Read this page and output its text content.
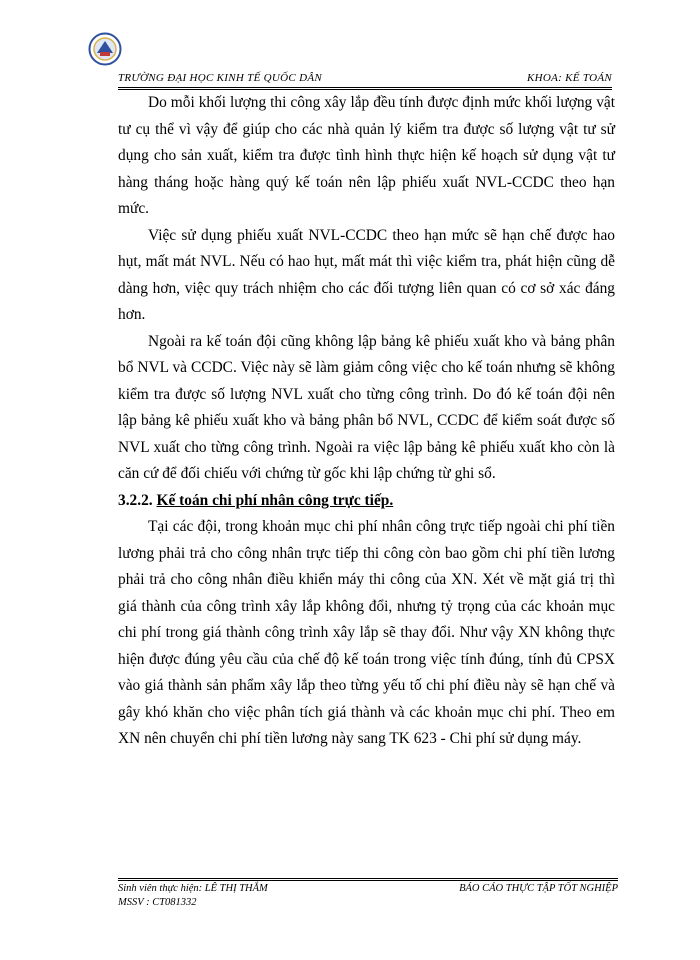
TRƯỜNG ĐẠI HỌC KINH TẾ QUỐC DÂN	KHOA: KẾ TOÁN

Do mỗi khối lượng thi công xây lắp đều tính được định mức khối lượng vật tư cụ thể vì vậy để giúp cho các nhà quản lý kiểm tra được số lượng vật tư sử dụng cho sản xuất, kiểm tra được tình hình thực hiện kế hoạch sử dụng vật tư hàng tháng hoặc hàng quý kế toán nên lập phiếu xuất NVL-CCDC theo hạn mức.

Việc sử dụng phiếu xuất NVL-CCDC theo hạn mức sẽ hạn chế được hao hụt, mất mát NVL. Nếu có hao hụt, mất mát thì việc kiểm tra, phát hiện cũng dễ dàng hơn, việc quy trách nhiệm cho các đối tượng liên quan có cơ sở xác đáng hơn.

Ngoài ra kế toán đội cũng không lập bảng kê phiếu xuất kho và bảng phân bổ NVL và CCDC. Việc này sẽ làm giảm công việc cho kế toán nhưng sẽ không kiểm tra được số lượng NVL xuất cho từng công trình. Do đó kế toán đội nên lập bảng kê phiếu xuất kho và bảng phân bổ NVL, CCDC để kiểm soát được số NVL xuất cho từng công trình. Ngoài ra việc lập bảng kê phiếu xuất kho còn là căn cứ để đối chiếu với chứng từ gốc khi lập chứng từ ghi sổ.

3.2.2. Kế toán chi phí nhân công trực tiếp.

Tại các đội, trong khoản mục chi phí nhân công trực tiếp ngoài chi phí tiền lương phải trả cho công nhân trực tiếp thi công còn bao gồm chi phí tiền lương phải trả cho công nhân điều khiển máy thi công của XN. Xét về mặt giá trị thì giá thành của công trình xây lắp không đổi, nhưng tỷ trọng của các khoản mục chi phí trong giá thành công trình xây lắp sẽ thay đổi. Như vậy XN không thực hiện được đúng yêu cầu của chế độ kế toán trong việc tính đúng, tính đủ CPSX vào giá thành sản phẩm xây lắp theo từng yếu tố chi phí điều này sẽ hạn chế và gây khó khăn cho việc phân tích giá thành và các khoản mục chi phí. Theo em XN nên chuyển chi phí tiền lương này sang TK 623 - Chi phí sử dụng máy.

Sinh viên thực hiện: LÊ THỊ THẮM	BÁO CÁO THỰC TẬP TỐT NGHIỆP
MSSV : CT081332
